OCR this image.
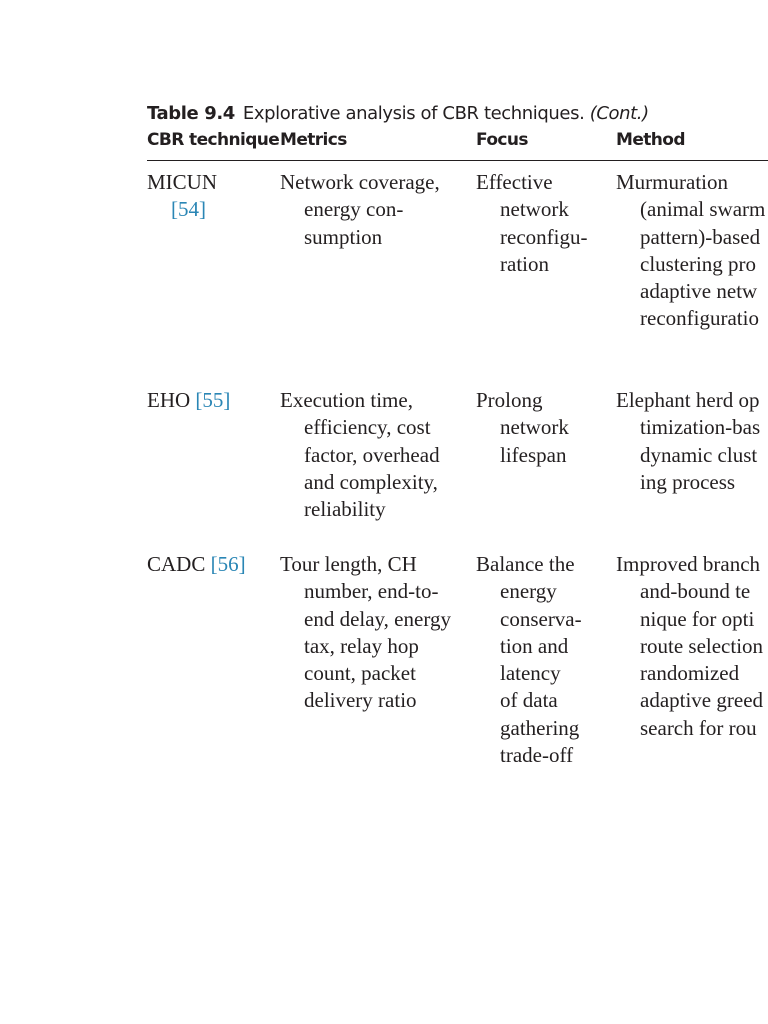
Table 9.4 Explorative analysis of CBR techniques. (Cont.)
CBR technique Metrics	Focus	Method
MICUN
[54]
Network coverage,
energy con-
sumption
Effective
network
reconfigu-
ration
Murmuration
(animal swarm
pattern)-based
clustering pro
adaptive netw
reconfiguratio
EHO [55] Execution time,
efficiency, cost
factor, overhead
and complexity,
reliability
Prolong
network
lifespan
Elephant herd op
timization-bas
dynamic clust
ing process
CADC [56] Tour length, CH
number, end-to-
end delay, energy
tax, relay hop
count, packet
delivery ratio
Balance the
energy
conserva-
tion and
latency
of data
gathering
trade-off
Improved branch
and-bound te
nique for opti
route selection
randomized
adaptive greed
search for rou
